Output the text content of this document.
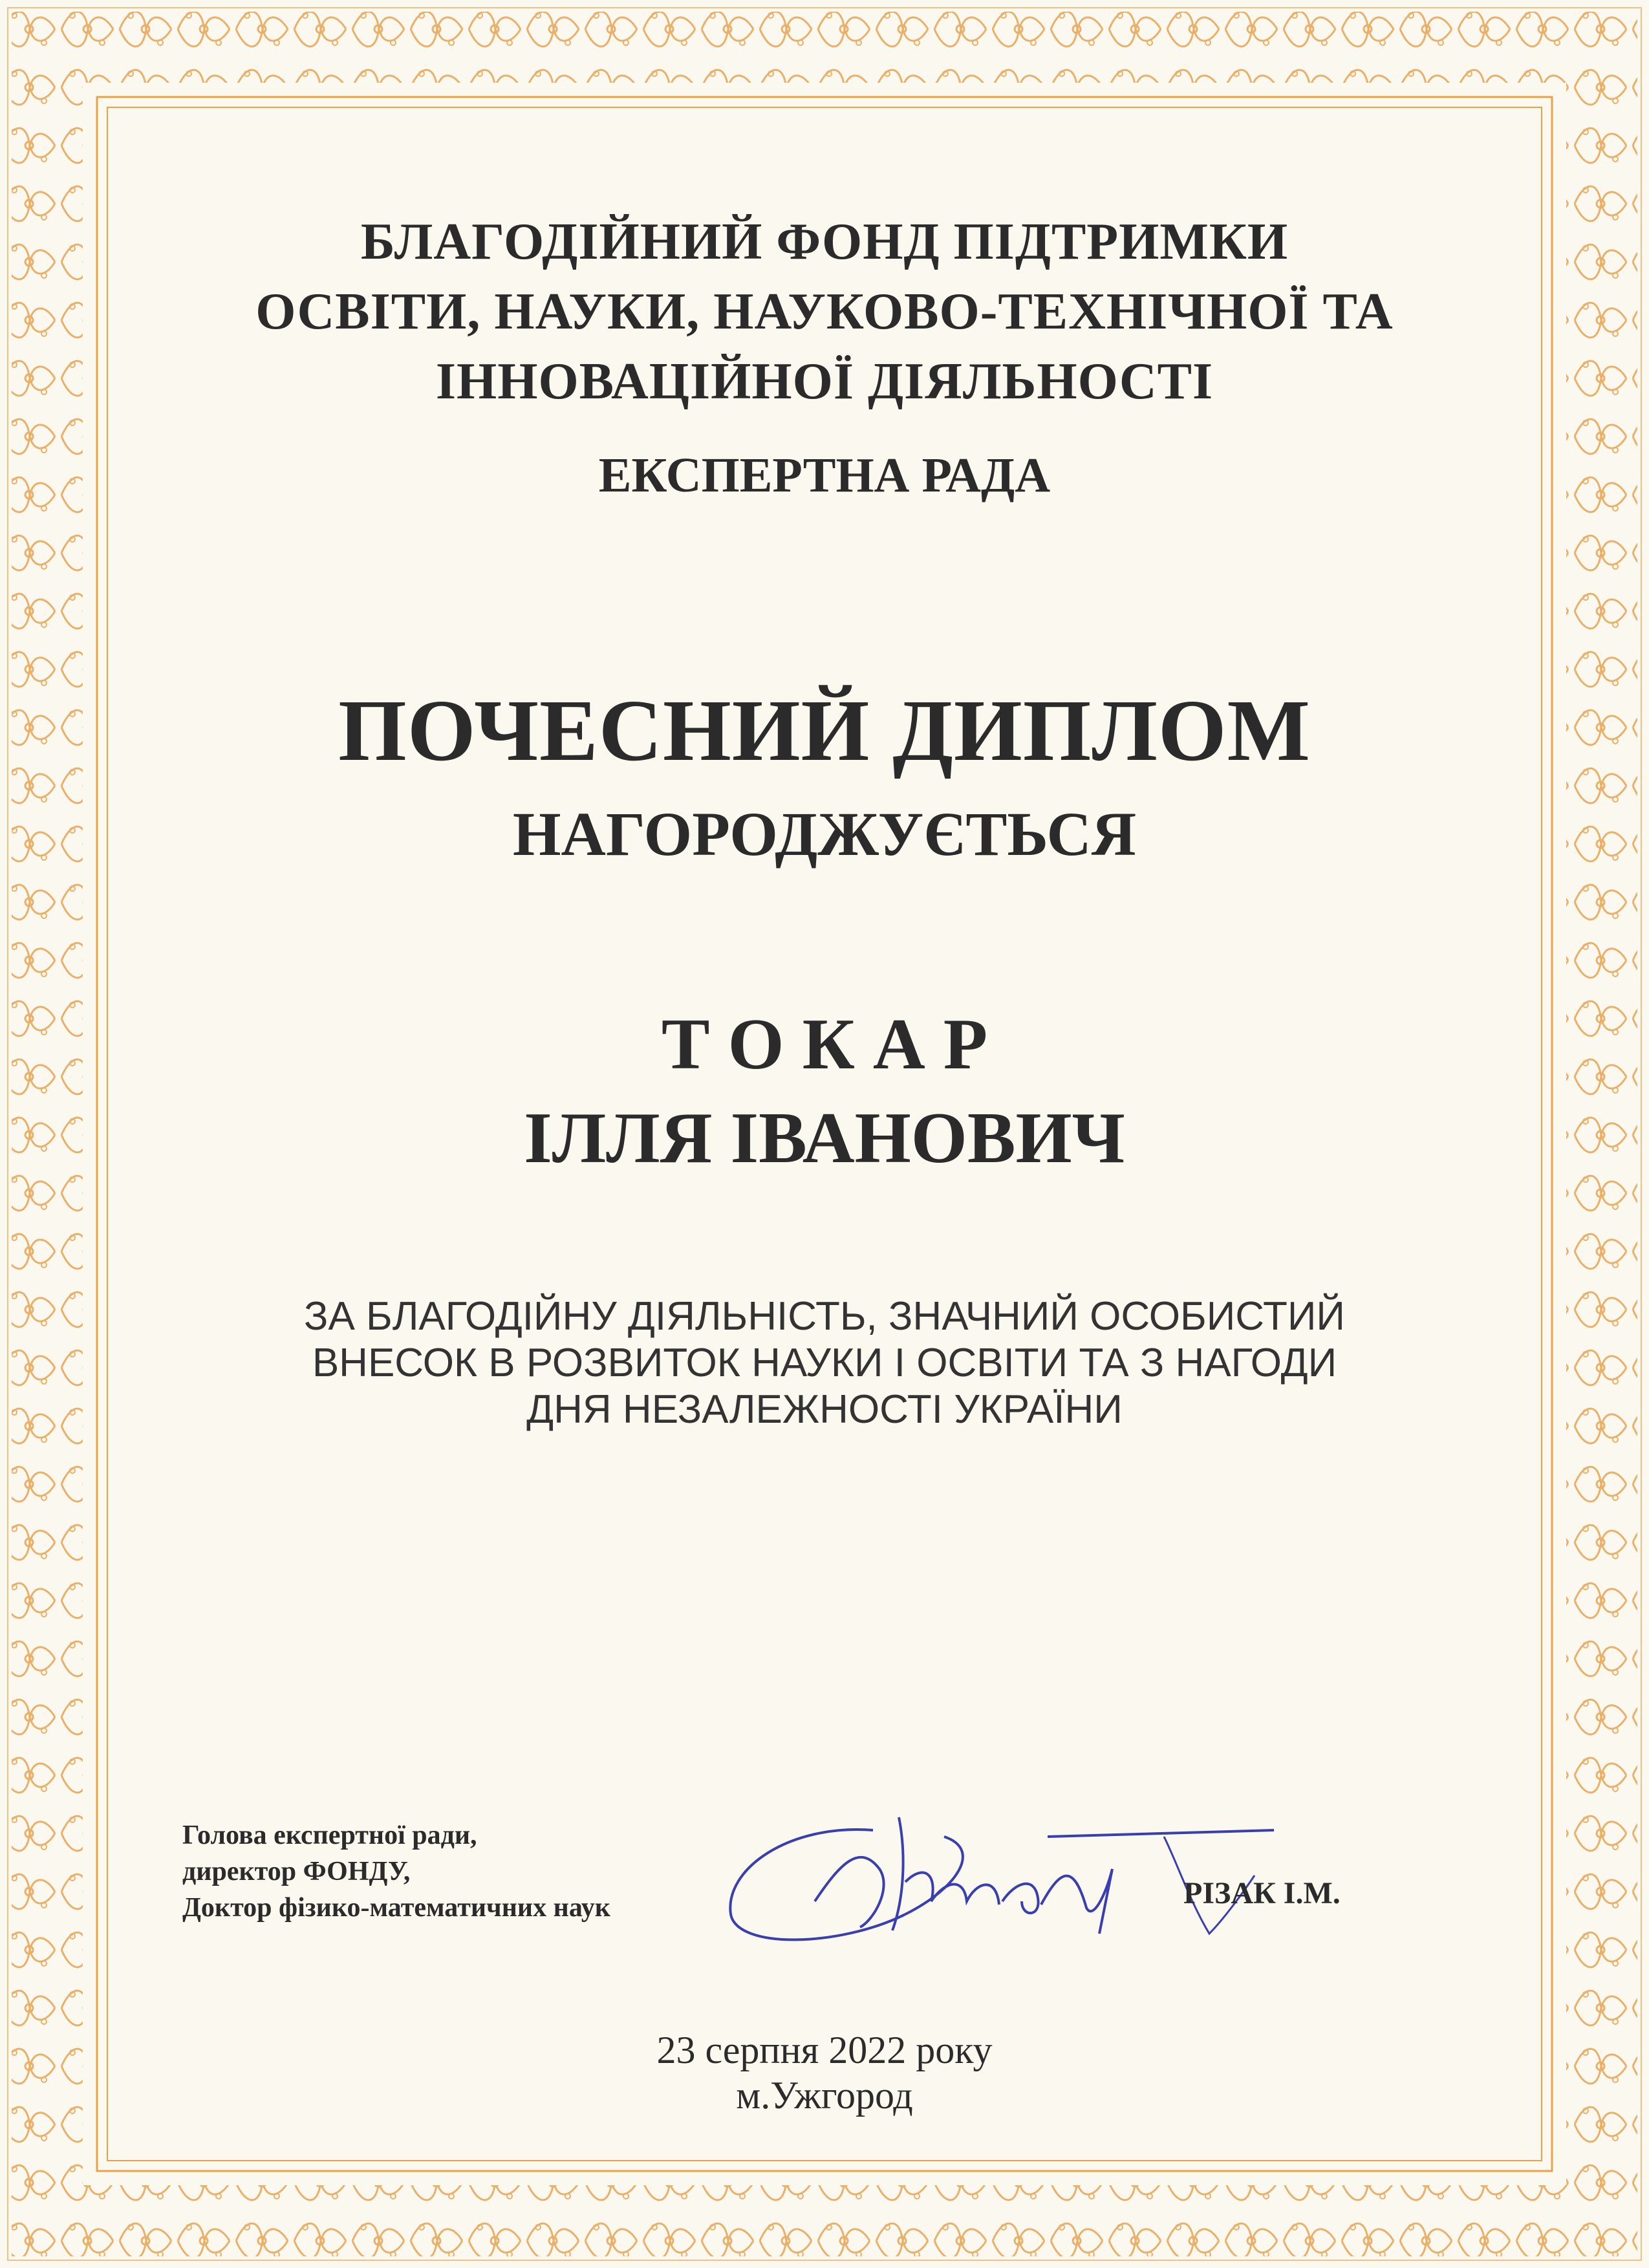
БЛАГОДІЙНИЙ ФОНД ПІДТРИМКИ
ОСВІТИ, НАУКИ, НАУКОВО-ТЕХНІЧНОЇ ТА
ІННОВАЦІЙНОЇ ДІЯЛЬНОСТІ
ЕКСПЕРТНА РАДА
ПОЧЕСНИЙ ДИПЛОМ
НАГОРОДЖУЄТЬСЯ
Т О К А Р
ІЛЛЯ ІВАНОВИЧ
ЗА БЛАГОДІЙНУ ДІЯЛЬНІСТЬ, ЗНАЧНИЙ ОСОБИСТИЙ
ВНЕСОК В РОЗВИТОК НАУКИ І ОСВІТИ ТА З НАГОДИ
ДНЯ НЕЗАЛЕЖНОСТІ УКРАЇНИ
Голова експертної ради,
директор ФОНДУ,
Доктор фізико-математичних наук	РІЗАК І.М.
23 серпня 2022 року
м.Ужгород
